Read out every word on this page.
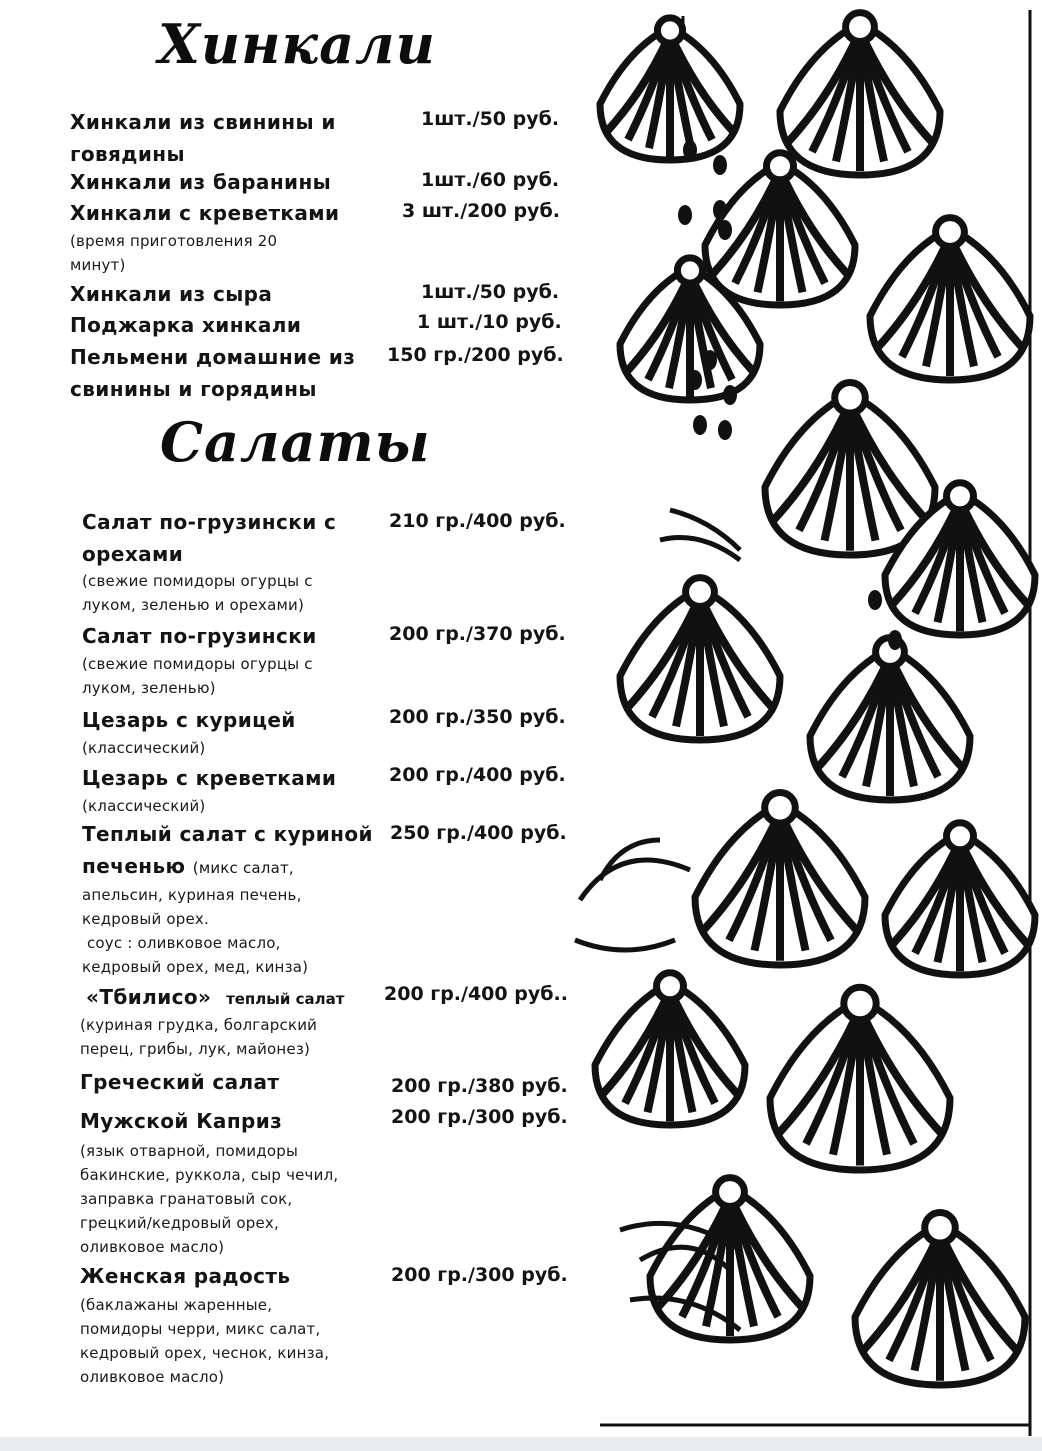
Хинкали
Хинкали из свинины и
говядины
1шт./50 руб.
Хинкали из баранины	1шт./60 руб.
Хинкали с креветками	3 шт./200 руб.
(время приготовления 20
минут)
Хинкали из сыра	1шт./50 руб.
Поджарка хинкали	1 шт./10 руб.
Пельмени домашние из
свинины и горядины
150 гр./200 руб.
Салаты
Салат по-грузински с
орехами
210 гр./400 руб.
(свежие помидоры огурцы с
луком, зеленью и орехами)
Салат по-грузински	200 гр./370 руб.
(свежие помидоры огурцы с
луком, зеленью)
Цезарь с курицей	200 гр./350 руб.
(классический)
Цезарь с креветками	200 гр./400 руб.
(классический)
Теплый салат с куриной
печенью (микс салат,
250 гр./400 руб.
апельсин, куриная печень,
кедровый орех.
соус : оливковое масло,
кедровый орех, мед, кинза)
«Тбилисо» теплый салат 200 гр./400 руб..
(куриная грудка, болгарский
перец, грибы, лук, майонез)
Греческий салат	200 гр./380 руб.
Мужской Каприз	200 гр./300 руб.
(язык отварной, помидоры
бакинские, руккола, сыр чечил,
заправка гранатовый сок,
грецкий/кедровый орех,
оливковое масло)
Женская радость	200 гр./300 руб.
(баклажаны жаренные,
помидоры черри, микс салат,
кедровый орех, чеснок, кинза,
оливковое масло)
